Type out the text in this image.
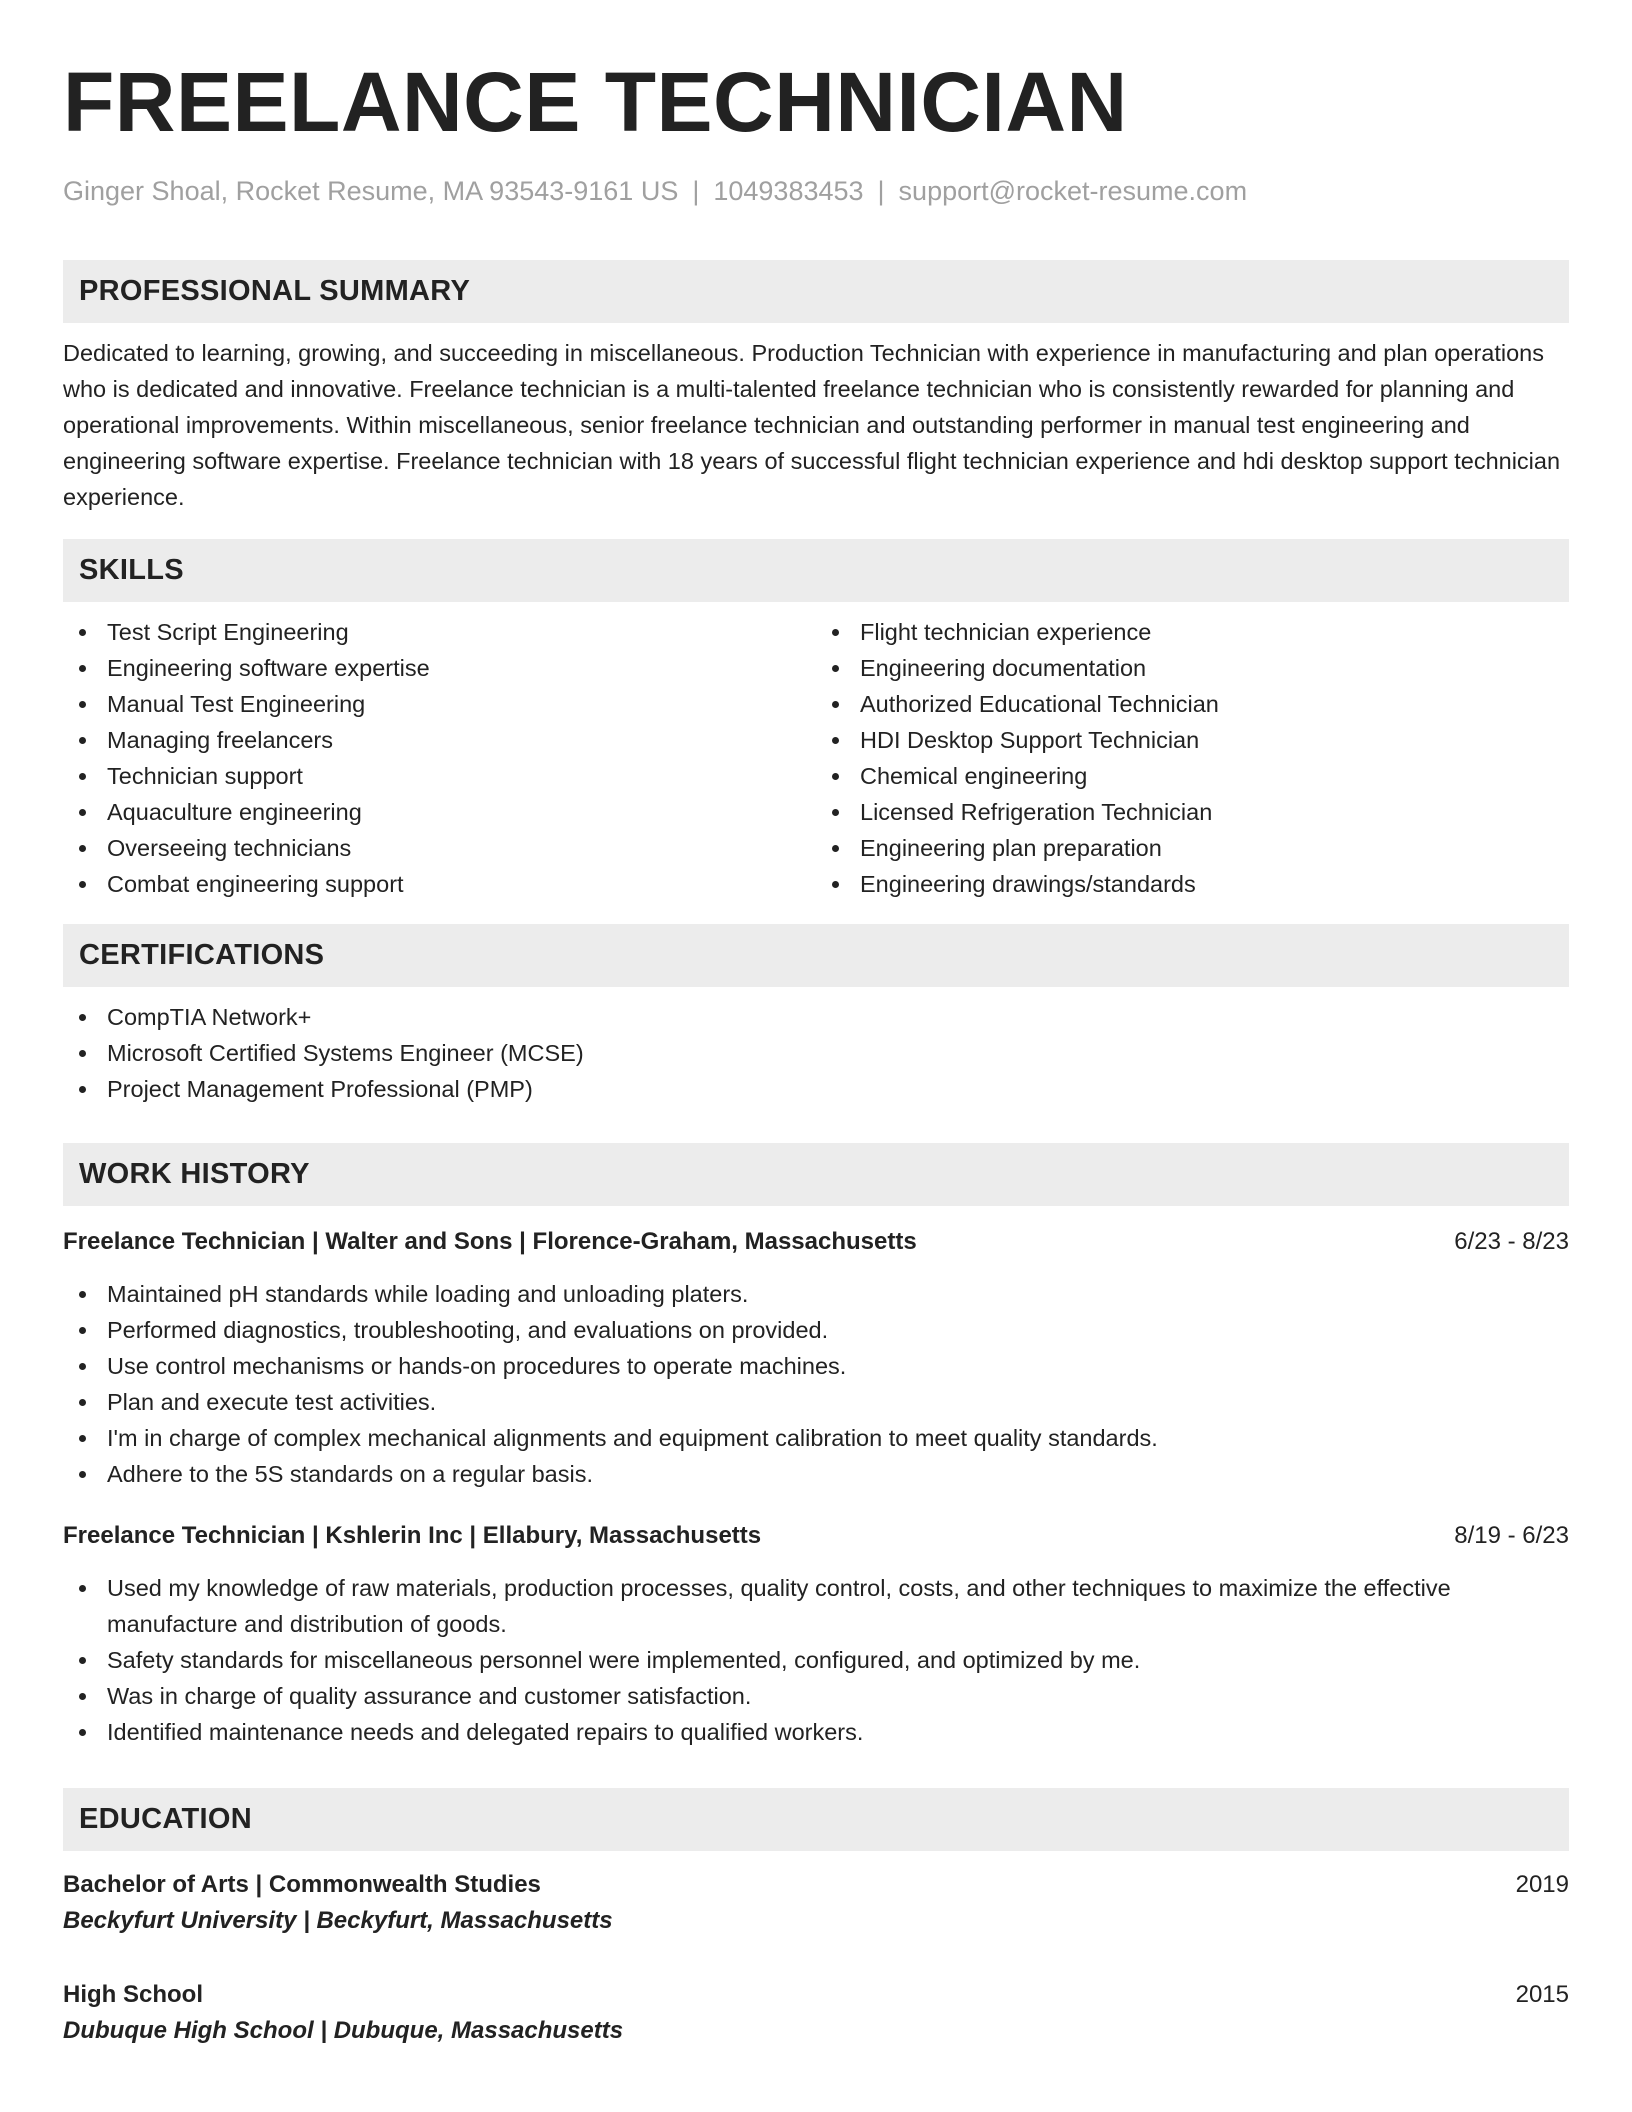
FREELANCE TECHNICIAN
Ginger Shoal, Rocket Resume, MA 93543-9161 US | 1049383453 | support@rocket-resume.com
PROFESSIONAL SUMMARY

Dedicated to learning, growing, and succeeding in miscellaneous. Production Technician with experience in manufacturing and plan operations who is dedicated and innovative. Freelance technician is a multi-talented freelance technician who is consistently rewarded for planning and operational improvements. Within miscellaneous, senior freelance technician and outstanding performer in manual test engineering and engineering software expertise. Freelance technician with 18 years of successful flight technician experience and hdi desktop support technician experience.

SKILLS
Test Script Engineering
Engineering software expertise
Manual Test Engineering
Managing freelancers
Technician support
Aquaculture engineering
Overseeing technicians
Combat engineering support
Flight technician experience
Engineering documentation
Authorized Educational Technician
HDI Desktop Support Technician
Chemical engineering
Licensed Refrigeration Technician
Engineering plan preparation
Engineering drawings/standards
CERTIFICATIONS
CompTIA Network+
Microsoft Certified Systems Engineer (MCSE)
Project Management Professional (PMP)
WORK HISTORY
Freelance Technician | Walter and Sons | Florence-Graham, Massachusetts	6/23 - 8/23
Maintained pH standards while loading and unloading platers.
Performed diagnostics, troubleshooting, and evaluations on provided.
Use control mechanisms or hands-on procedures to operate machines.
Plan and execute test activities.
I'm in charge of complex mechanical alignments and equipment calibration to meet quality standards.
Adhere to the 5S standards on a regular basis.
Freelance Technician | Kshlerin Inc | Ellabury, Massachusetts	8/19 - 6/23
Used my knowledge of raw materials, production processes, quality control, costs, and other techniques to maximize the effective manufacture and distribution of goods.
Safety standards for miscellaneous personnel were implemented, configured, and optimized by me.
Was in charge of quality assurance and customer satisfaction.
Identified maintenance needs and delegated repairs to qualified workers.
EDUCATION
Bachelor of Arts | Commonwealth Studies	2019
Beckyfurt University | Beckyfurt, Massachusetts
High School	2015
Dubuque High School | Dubuque, Massachusetts
